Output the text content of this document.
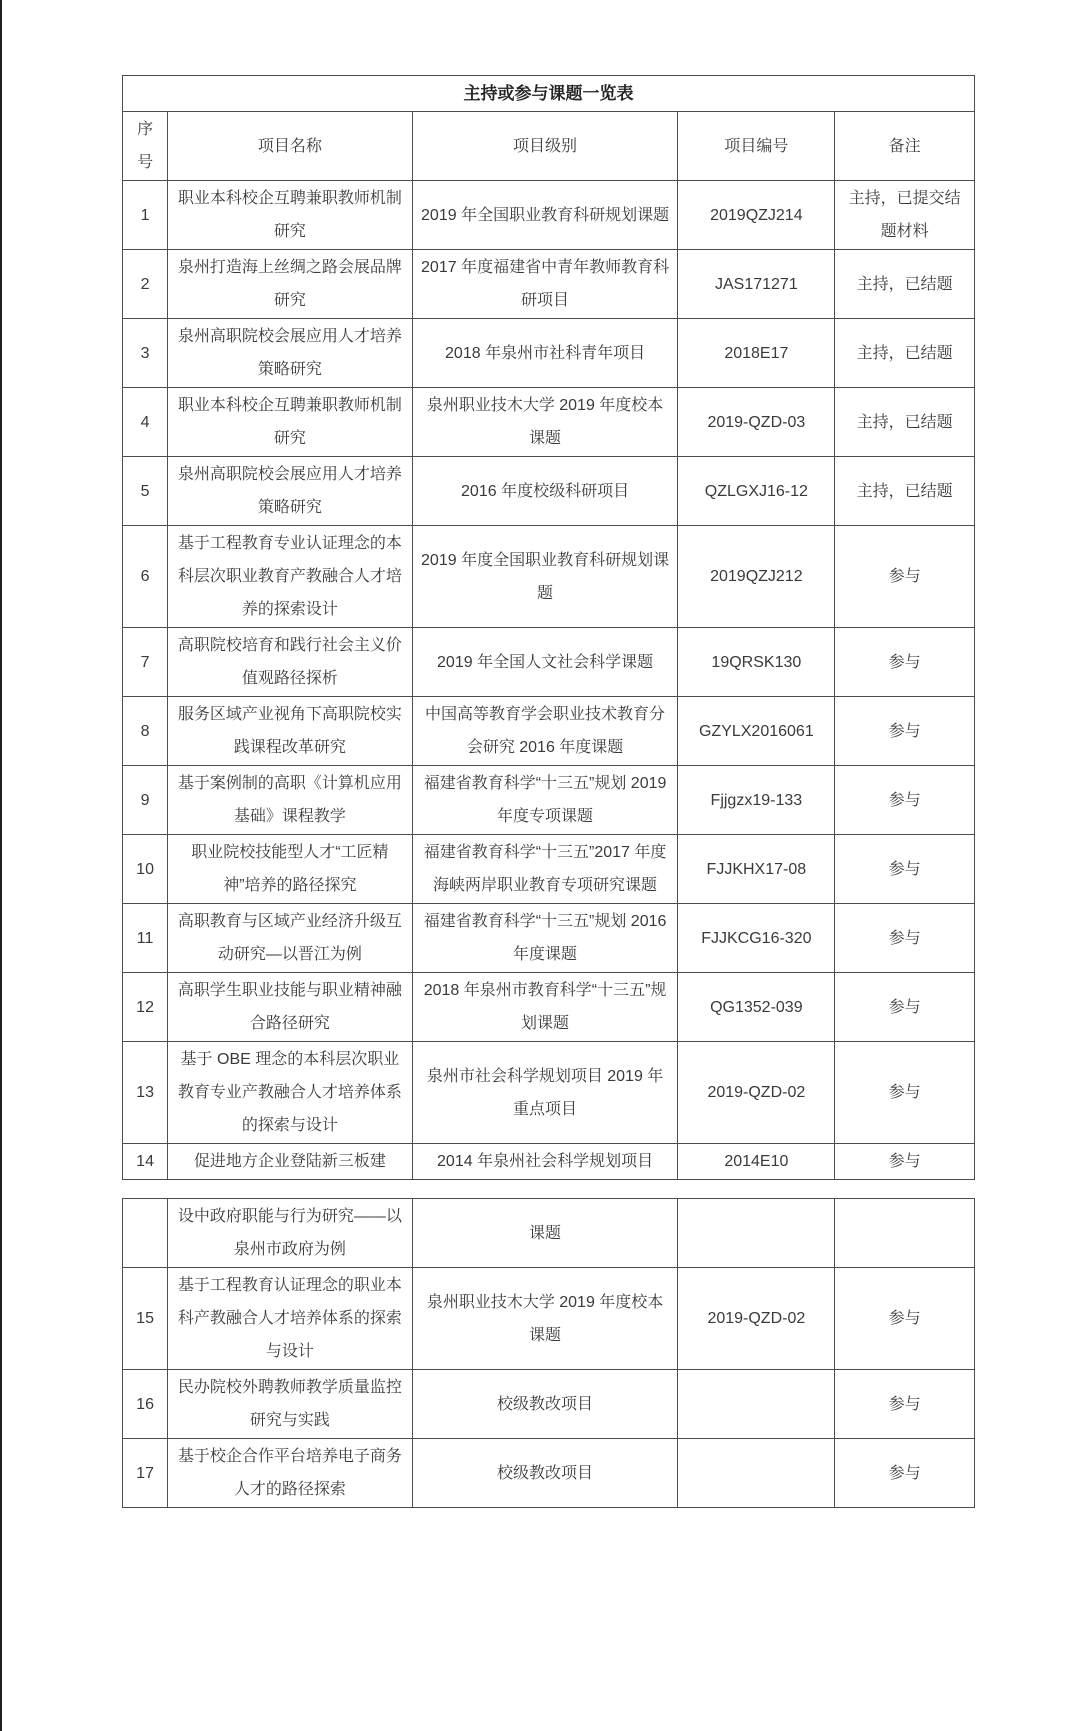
主持或参与课题一览表				
序号	项目名称	项目级别	项目编号	备注
1	职业本科校企互聘兼职教师机制研究	2019 年全国职业教育科研规划课题	2019QZJ214	主持，已提交结题材料
2	泉州打造海上丝绸之路会展品牌研究	2017 年度福建省中青年教师教育科研项目	JAS171271	主持，已结题
3	泉州高职院校会展应用人才培养策略研究	2018 年泉州市社科青年项目	2018E17	主持，已结题
4	职业本科校企互聘兼职教师机制研究	泉州职业技木大学 2019 年度校本课题	2019-QZD-03	主持，已结题
5	泉州高职院校会展应用人才培养策略研究	2016 年度校级科研项目	QZLGXJ16-12	主持，已结题
6	基于工程教育专业认证理念的本科层次职业教育产教融合人才培养的探索设计	2019 年度全国职业教育科研规划课题	2019QZJ212	参与
7	高职院校培育和践行社会主义价值观路径探析	2019 年全国人文社会科学课题	19QRSK130	参与
8	服务区域产业视角下高职院校实践课程改革研究	中国高等教育学会职业技术教育分会研究 2016 年度课题	GZYLX2016061	参与
9	基于案例制的高职《计算机应用基础》课程教学	福建省教育科学“十三五”规划 2019 年度专项课题	Fjjgzx19-133	参与
10	职业院校技能型人才“工匠精神”培养的路径探究	福建省教育科学“十三五”2017 年度海峡两岸职业教育专项研究课题	FJJKHX17-08	参与
11	高职教育与区域产业经济升级互动研究—以晋江为例	福建省教育科学“十三五”规划 2016 年度课题	FJJKCG16-320	参与
12	高职学生职业技能与职业精神融合路径研究	2018 年泉州市教育科学“十三五”规划课题	QG1352-039	参与
13	基于 OBE 理念的本科层次职业教育专业产教融合人才培养体系的探索与设计	泉州市社会科学规划项目 2019 年重点项目	2019-QZD-02	参与
14	促进地方企业登陆新三板建	2014 年泉州社会科学规划项目	2014E10	参与
	设中政府职能与行为研究——以泉州市政府为例	课题		
15	基于工程教育认证理念的职业本科产教融合人才培养体系的探索与设计	泉州职业技木大学 2019 年度校本课题	2019-QZD-02	参与
16	民办院校外聘教师教学质量监控研究与实践	校级教改项目		参与
17	基于校企合作平台培养电子商务人才的路径探索	校级教改项目		参与
